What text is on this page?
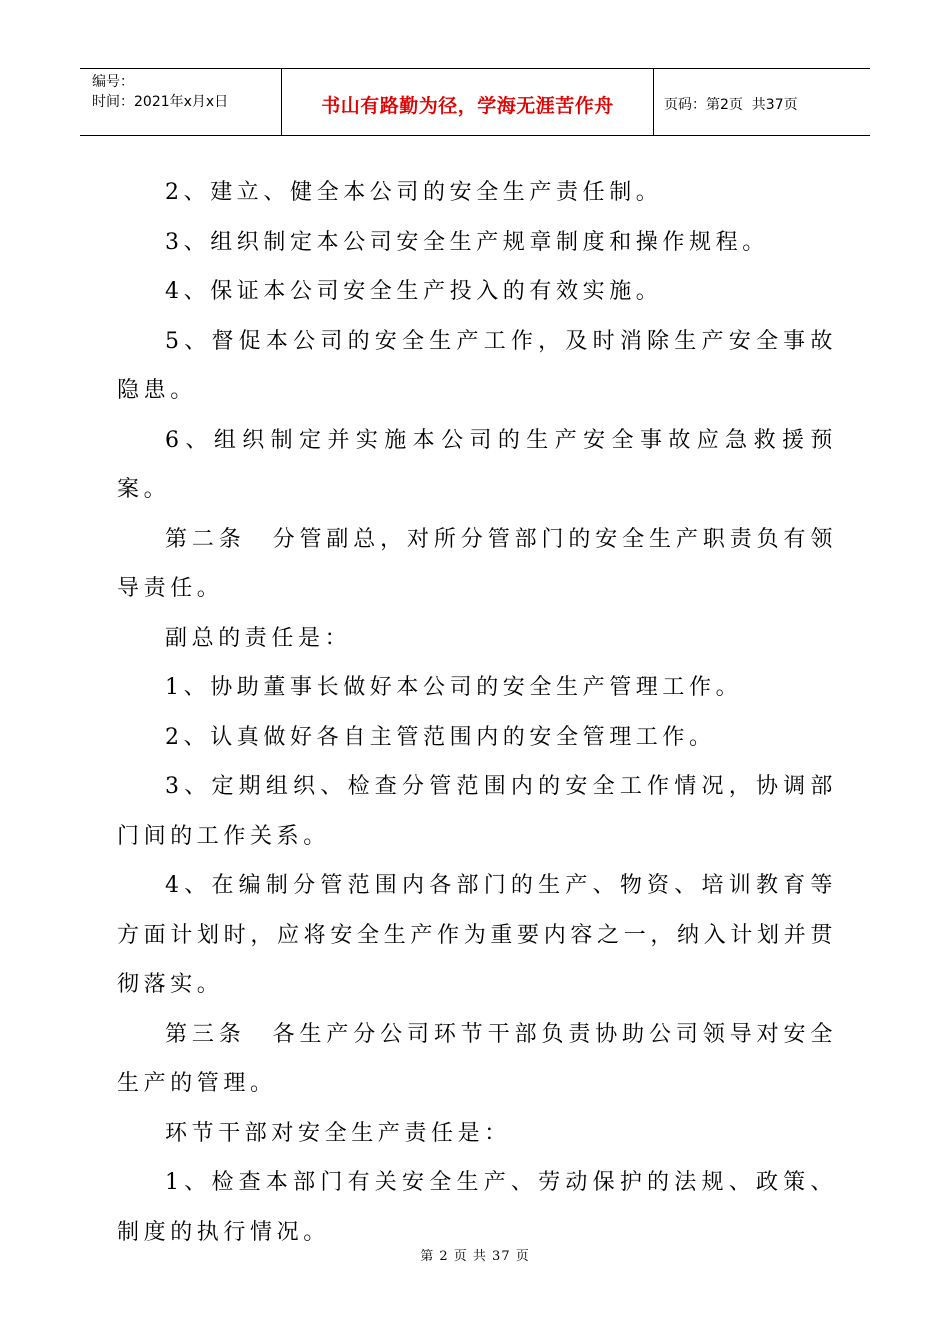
编号：
时间：2021年x月x日	书山有路勤为径，学海无涯苦作舟	页码：第2页  共37页

2、建立、健全本公司的安全生产责任制。

3、组织制定本公司安全生产规章制度和操作规程。

4、保证本公司安全生产投入的有效实施。

5、督促本公司的安全生产工作，及时消除生产安全事故隐患。

6、组织制定并实施本公司的生产安全事故应急救援预案。

第二条　分管副总，对所分管部门的安全生产职责负有领导责任。

副总的责任是：

1、协助董事长做好本公司的安全生产管理工作。

2、认真做好各自主管范围内的安全管理工作。

3、定期组织、检查分管范围内的安全工作情况，协调部门间的工作关系。

4、在编制分管范围内各部门的生产、物资、培训教育等方面计划时，应将安全生产作为重要内容之一，纳入计划并贯彻落实。

第三条　各生产分公司环节干部负责协助公司领导对安全生产的管理。

环节干部对安全生产责任是：

1、检查本部门有关安全生产、劳动保护的法规、政策、制度的执行情况。

第 2 页 共 37 页
